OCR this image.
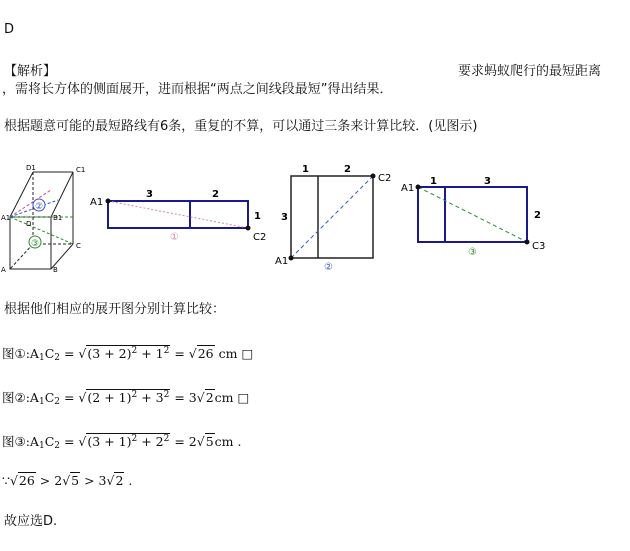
D
【解析】	要求蚂蚁爬行的最短距离
，需将长方体的侧面展开，进而根据“两点之间线段最短”得出结果．
根据题意可能的最短路线有6条，重复的不算，可以通过三条来计算比较．(见图示)
②
③
D1	C1
A1	B1
D
C
A	B
A1
C2
3	2
1
①
A1
C2
1	2
3
②
A1
C3
1	3
2
③
根据他们相应的展开图分别计算比较：
图$①:A_1C_2 = √(3 + 2)^2 + 1^2 = √26$ cm □
图$②:A_1C_2 = √(2 + 1)^2 + 3^2 = 3√2cm$ □
图$③:A_1C_2 = √(3 + 1)^2 + 2^2 = 2√5cm$ .
∵√26 > 2√5 > 3√2 .
故应选D.
